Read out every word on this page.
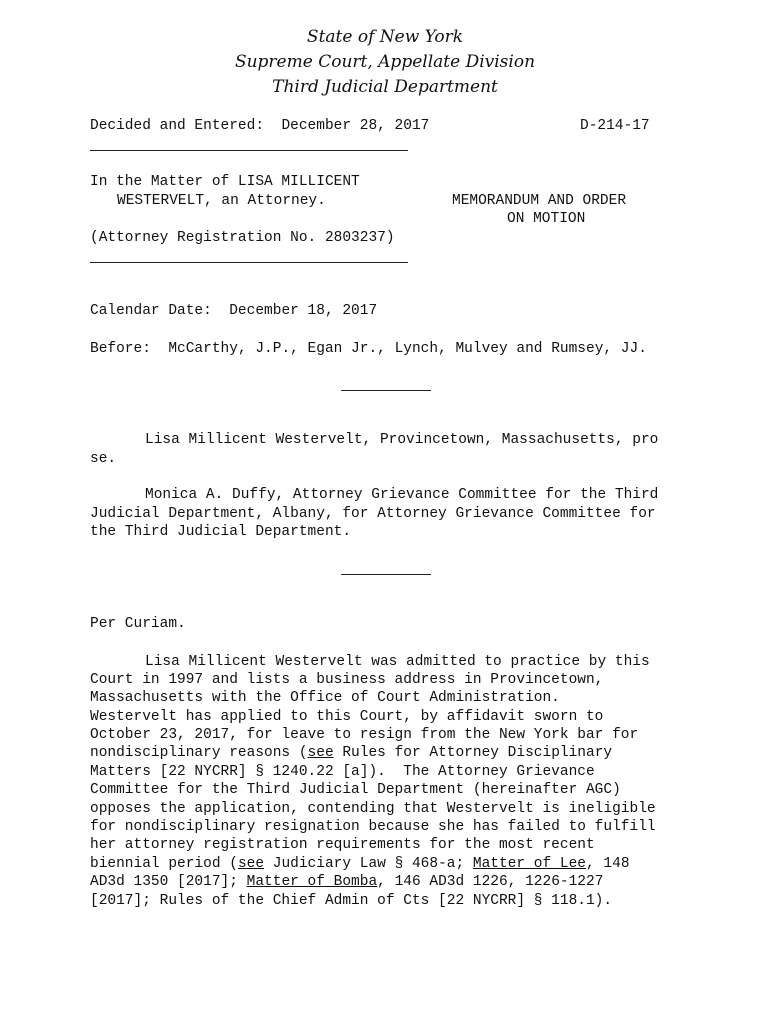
State of New York
Supreme Court, Appellate Division
Third Judicial Department
Decided and Entered: December 28, 2017	D-214-17
In the Matter of LISA MILLICENT
WESTERVELT, an Attorney.	MEMORANDUM AND ORDER
ON MOTION
(Attorney Registration No. 2803237)
Calendar Date: December 18, 2017
Before: McCarthy, J.P., Egan Jr., Lynch, Mulvey and Rumsey, JJ.
Lisa Millicent Westervelt, Provincetown, Massachusetts, pro
se.
Monica A. Duffy, Attorney Grievance Committee for the Third
Judicial Department, Albany, for Attorney Grievance Committee for
the Third Judicial Department.
Per Curiam.
Lisa Millicent Westervelt was admitted to practice by this
Court in 1997 and lists a business address in Provincetown,
Massachusetts with the Office of Court Administration.
Westervelt has applied to this Court, by affidavit sworn to
October 23, 2017, for leave to resign from the New York bar for
nondisciplinary reasons (see Rules for Attorney Disciplinary
Matters [22 NYCRR] § 1240.22 [a]).  The Attorney Grievance
Committee for the Third Judicial Department (hereinafter AGC)
opposes the application, contending that Westervelt is ineligible
for nondisciplinary resignation because she has failed to fulfill
her attorney registration requirements for the most recent
biennial period (see Judiciary Law § 468-a; Matter of Lee, 148
AD3d 1350 [2017]; Matter of Bomba, 146 AD3d 1226, 1226-1227
[2017]; Rules of the Chief Admin of Cts [22 NYCRR] § 118.1).
